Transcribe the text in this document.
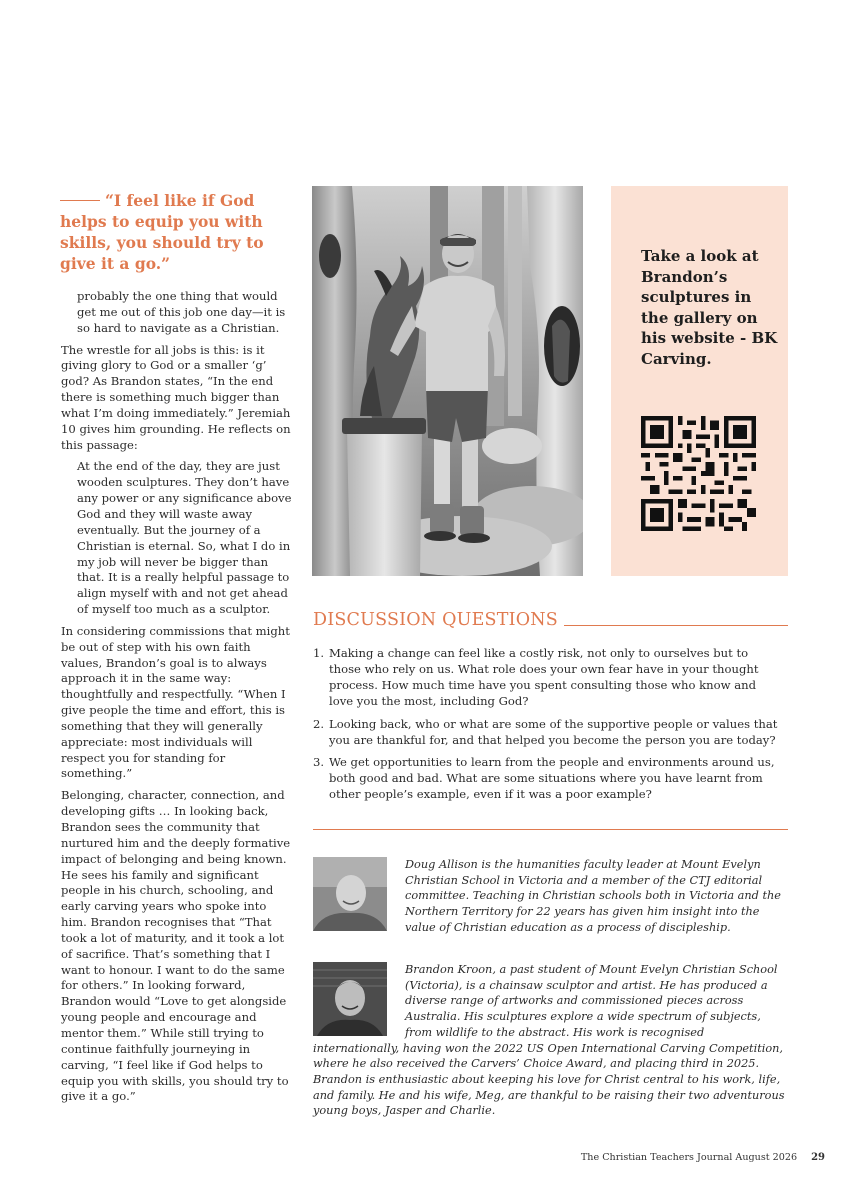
“I feel like if God helps to equip you with skills, you should try to give it a go.”

probably the one thing that would get me out of this job one day—it is so hard to navigate as a Christian.

The wrestle for all jobs is this: is it giving glory to God or a smaller ‘g’ god? As Brandon states, “In the end there is something much bigger than what I’m doing immediately.” Jeremiah 10 gives him grounding. He reflects on this passage:

At the end of the day, they are just wooden sculptures. They don’t have any power or any significance above God and they will waste away eventually. But the journey of a Christian is eternal. So, what I do in my job will never be bigger than that. It is a really helpful passage to align myself with and not get ahead of myself too much as a sculptor.

In considering commissions that might be out of step with his own faith values, Brandon’s goal is to always approach it in the same way: thoughtfully and respectfully. “When I give people the time and effort, this is something that they will generally appreciate: most individuals will respect you for standing for something.”

Belonging, character, connection, and developing gifts … In looking back, Brandon sees the community that nurtured him and the deeply formative impact of belonging and being known. He sees his family and significant people in his church, schooling, and early carving years who spoke into him. Brandon recognises that “That took a lot of maturity, and it took a lot of sacrifice. That’s something that I want to honour. I want to do the same for others.” In looking forward, Brandon would “Love to get alongside young people and encourage and mentor them.” While still trying to continue faithfully journeying in carving, “I feel like if God helps to equip you with skills, you should try to give it a go.”

Take a look at Brandon’s sculptures in the gallery on his website - BK Carving.
DISCUSSION QUESTIONS
1. Making a change can feel like a costly risk, not only to ourselves but to those who rely on us. What role does your own fear have in your thought process. How much time have you spent consulting those who know and love you the most, including God?
2. Looking back, who or what are some of the supportive people or values that you are thankful for, and that helped you become the person you are today?
3. We get opportunities to learn from the people and environments around us, both good and bad. What are some situations where you have learnt from other people’s example, even if it was a poor example?
Doug Allison is the humanities faculty leader at Mount Evelyn Christian School in Victoria and a member of the CTJ editorial committee. Teaching in Christian schools both in Victoria and the Northern Territory for 22 years has given him insight into the value of Christian education as a process of discipleship.
Brandon Kroon, a past student of Mount Evelyn Christian School (Victoria), is a chainsaw sculptor and artist. He has produced a diverse range of artworks and commissioned pieces across Australia. His sculptures explore a wide spectrum of subjects, from wildlife to the abstract. His work is recognised internationally, having won the 2022 US Open International Carving Competition, where he also received the Carvers’ Choice Award, and placing third in 2025. Brandon is enthusiastic about keeping his love for Christ central to his work, life, and family. He and his wife, Meg, are thankful to be raising their two adventurous young boys, Jasper and Charlie.
The Christian Teachers Journal August 2026 29
